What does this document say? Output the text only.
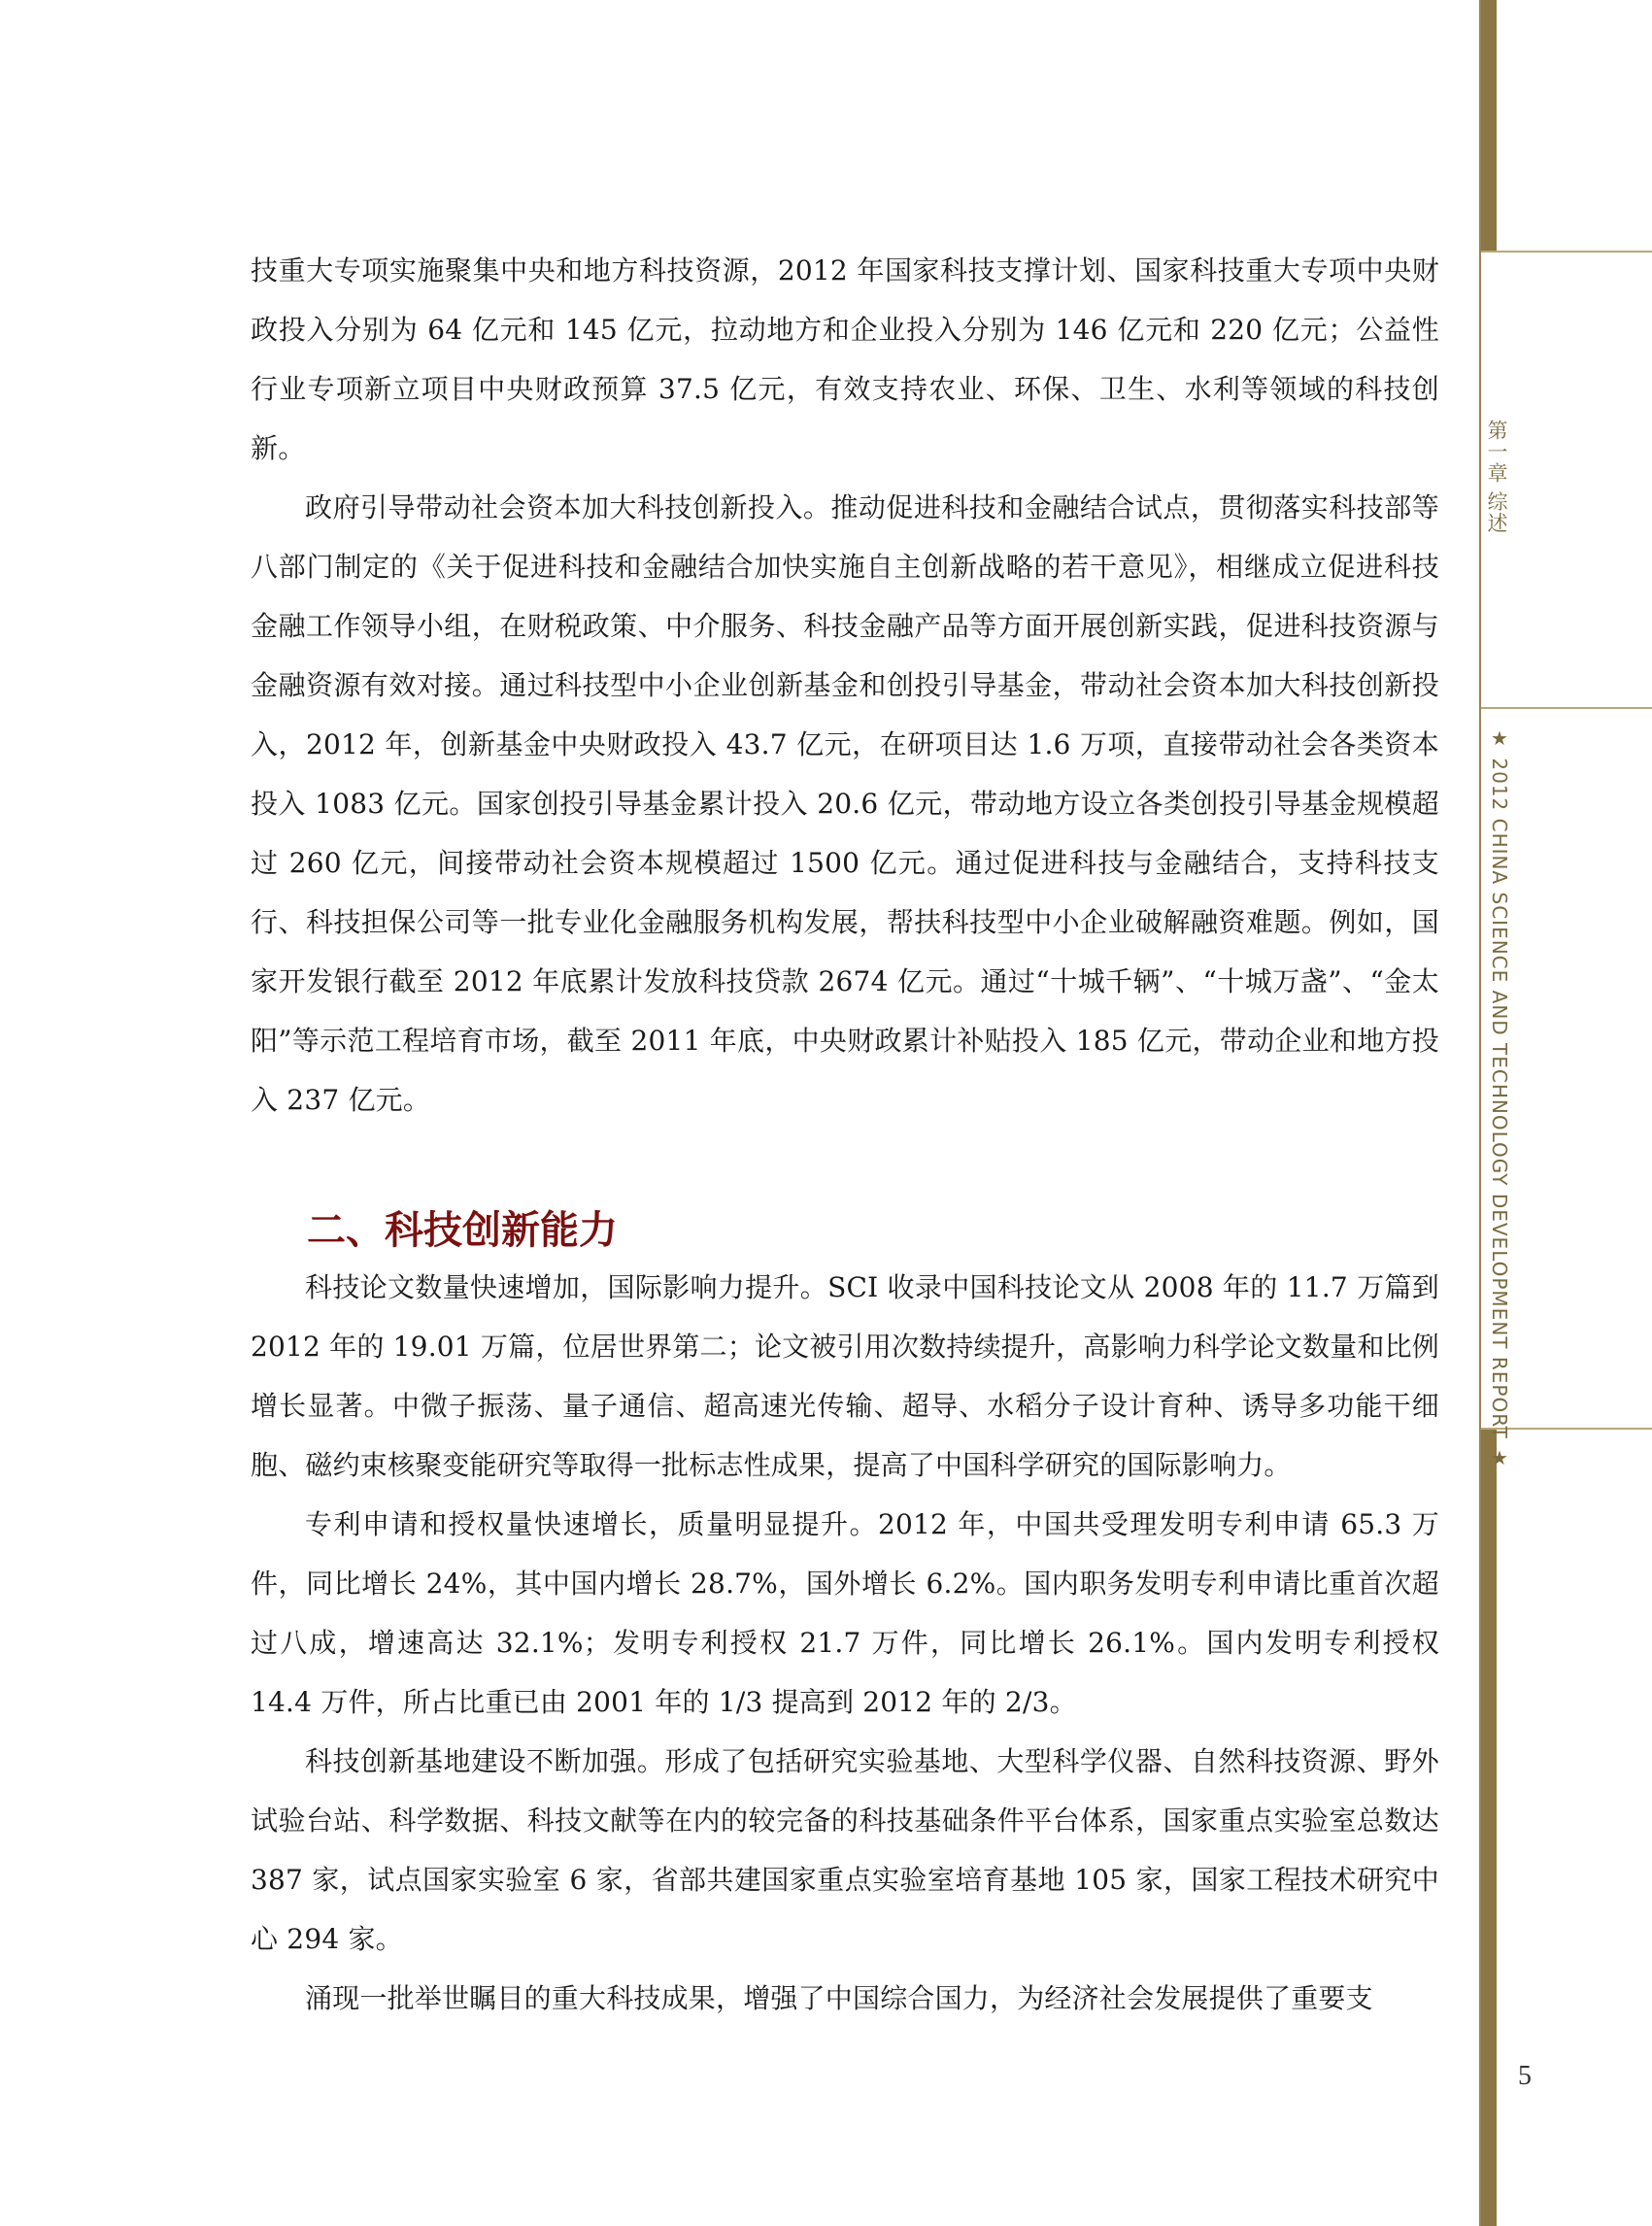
技重大专项实施聚集中央和地方科技资源，2012 年国家科技支撑计划、国家科技重大专项中央财政投入分别为 64 亿元和 145 亿元，拉动地方和企业投入分别为 146 亿元和 220 亿元；公益性行业专项新立项目中央财政预算 37.5 亿元，有效支持农业、环保、卫生、水利等领域的科技创新。

政府引导带动社会资本加大科技创新投入。推动促进科技和金融结合试点，贯彻落实科技部等八部门制定的《关于促进科技和金融结合加快实施自主创新战略的若干意见》，相继成立促进科技金融工作领导小组，在财税政策、中介服务、科技金融产品等方面开展创新实践，促进科技资源与金融资源有效对接。通过科技型中小企业创新基金和创投引导基金，带动社会资本加大科技创新投入，2012 年，创新基金中央财政投入 43.7 亿元，在研项目达 1.6 万项，直接带动社会各类资本投入 1083 亿元。国家创投引导基金累计投入 20.6 亿元，带动地方设立各类创投引导基金规模超过 260 亿元，间接带动社会资本规模超过 1500 亿元。通过促进科技与金融结合，支持科技支行、科技担保公司等一批专业化金融服务机构发展，帮扶科技型中小企业破解融资难题。例如，国家开发银行截至 2012 年底累计发放科技贷款 2674 亿元。通过“十城千辆”、“十城万盏”、“金太阳”等示范工程培育市场，截至 2011 年底，中央财政累计补贴投入 185 亿元，带动企业和地方投入 237 亿元。

二、科技创新能力

科技论文数量快速增加，国际影响力提升。SCI 收录中国科技论文从 2008 年的 11.7 万篇到 2012 年的 19.01 万篇，位居世界第二；论文被引用次数持续提升，高影响力科学论文数量和比例增长显著。中微子振荡、量子通信、超高速光传输、超导、水稻分子设计育种、诱导多功能干细胞、磁约束核聚变能研究等取得一批标志性成果，提高了中国科学研究的国际影响力。

专利申请和授权量快速增长，质量明显提升。2012 年，中国共受理发明专利申请 65.3 万件，同比增长 24%，其中国内增长 28.7%，国外增长 6.2%。国内职务发明专利申请比重首次超过八成，增速高达 32.1%；发明专利授权 21.7 万件，同比增长 26.1%。国内发明专利授权 14.4 万件，所占比重已由 2001 年的 1/3 提高到 2012 年的 2/3。

科技创新基地建设不断加强。形成了包括研究实验基地、大型科学仪器、自然科技资源、野外试验台站、科学数据、科技文献等在内的较完备的科技基础条件平台体系，国家重点实验室总数达 387 家，试点国家实验室 6 家，省部共建国家重点实验室培育基地 105 家，国家工程技术研究中心 294 家。

涌现一批举世瞩目的重大科技成果，增强了中国综合国力，为经济社会发展提供了重要支

第一章 综述
★ 2012 CHINA SCIENCE AND TECHNOLOGY DEVELOPMENT REPORT ★
5
